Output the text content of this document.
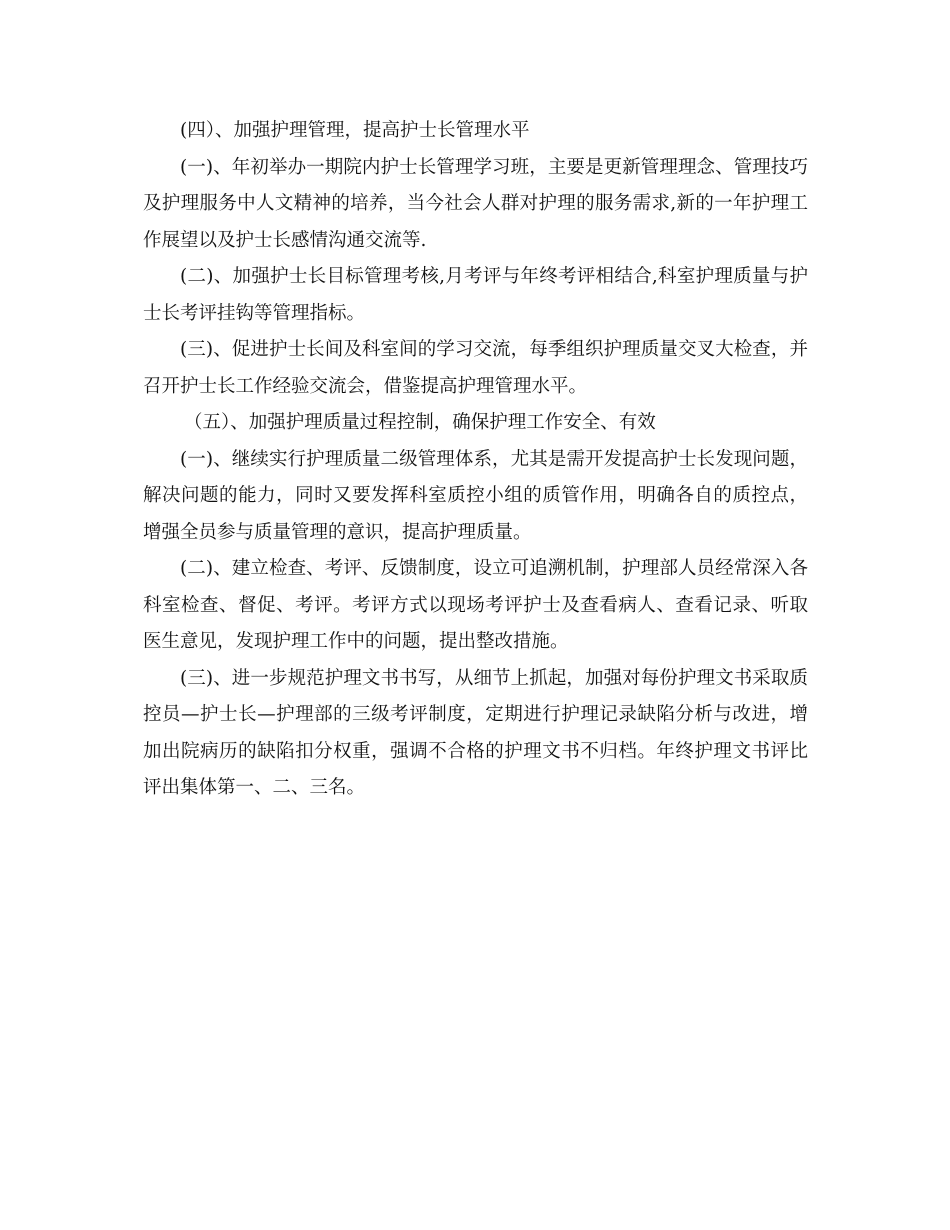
(四）、加强护理管理，提高护士长管理水平

(一)、年初举办一期院内护士长管理学习班，主要是更新管理理念、管理技巧及护理服务中人文精神的培养，当今社会人群对护理的服务需求,新的一年护理工作展望以及护士长感情沟通交流等.

(二)、加强护士长目标管理考核,月考评与年终考评相结合,科室护理质量与护士长考评挂钩等管理指标。

(三)、促进护士长间及科室间的学习交流，每季组织护理质量交叉大检查，并召开护士长工作经验交流会，借鉴提高护理管理水平。

（五）、加强护理质量过程控制，确保护理工作安全、有效

(一)、继续实行护理质量二级管理体系，尤其是需开发提高护士长发现问题，解决问题的能力，同时又要发挥科室质控小组的质管作用，明确各自的质控点，增强全员参与质量管理的意识，提高护理质量。

(二)、建立检查、考评、反馈制度，设立可追溯机制，护理部人员经常深入各科室检查、督促、考评。考评方式以现场考评护士及查看病人、查看记录、听取医生意见，发现护理工作中的问题，提出整改措施。

(三)、进一步规范护理文书书写，从细节上抓起，加强对每份护理文书采取质控员—护士长—护理部的三级考评制度，定期进行护理记录缺陷分析与改进，增加出院病历的缺陷扣分权重，强调不合格的护理文书不归档。年终护理文书评比评出集体第一、二、三名。
